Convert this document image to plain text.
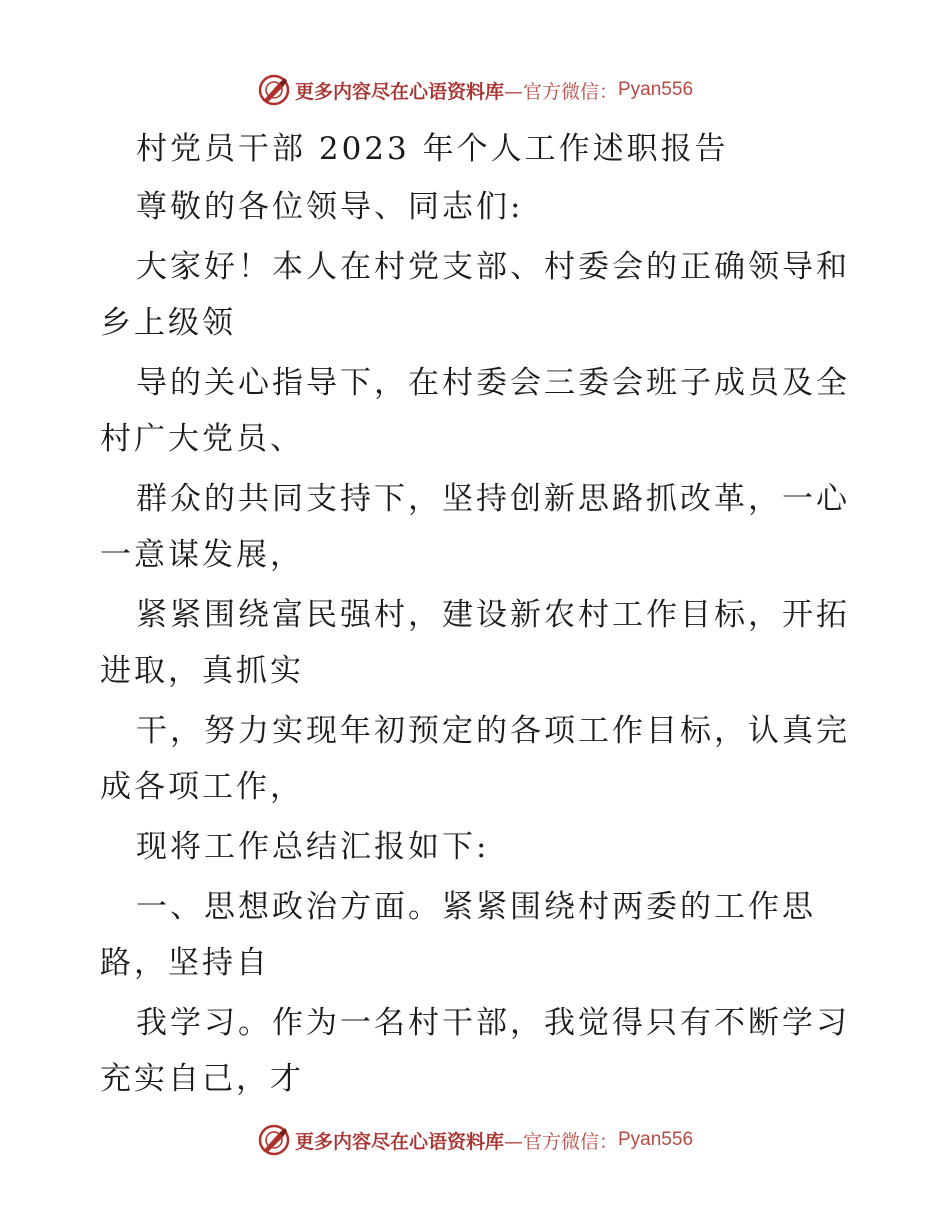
更多内容尽在心语资料库 —官方微信： Pyan556
村党员干部 2023 年个人工作述职报告
尊敬的各位领导、同志们:
大家好！本人在村党支部、村委会的正确领导和
乡上级领
导的关心指导下，在村委会三委会班子成员及全
村广大党员、
群众的共同支持下，坚持创新思路抓改革，一心
一意谋发展，
紧紧围绕富民强村，建设新农村工作目标，开拓
进取，真抓实
干，努力实现年初预定的各项工作目标，认真完
成各项工作，
现将工作总结汇报如下:
一、思想政治方面。紧紧围绕村两委的工作思
路，坚持自
我学习。作为一名村干部，我觉得只有不断学习
充实自己，才
更多内容尽在心语资料库 —官方微信： Pyan556
